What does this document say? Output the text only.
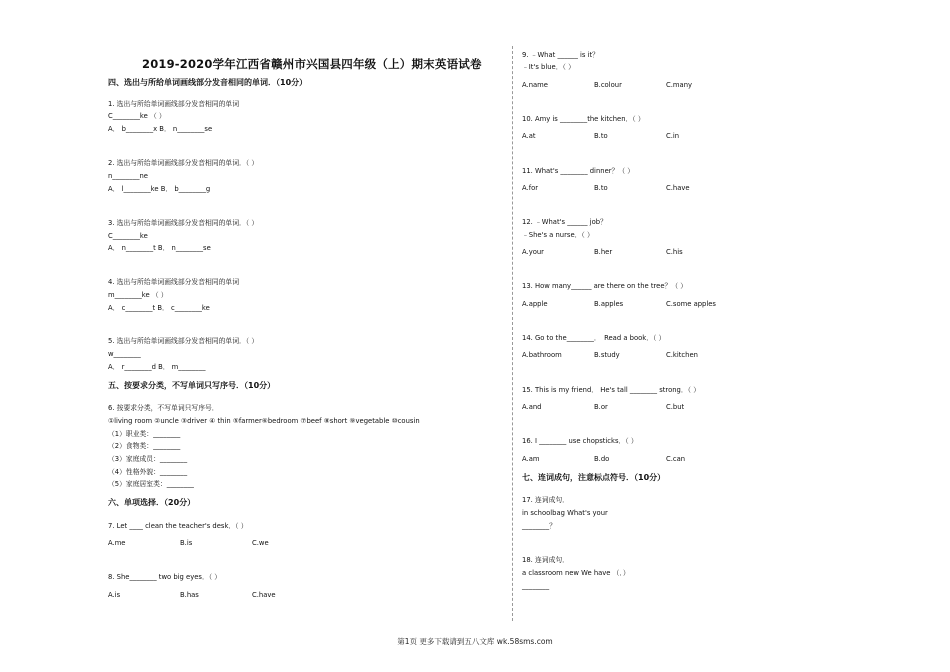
2019-2020学年江西省赣州市兴国县四年级（上）期末英语试卷
四、选出与所给单词画线部分发音相同的单词．（10分）
1. 选出与所给单词画线部分发音相同的单词
C________ke （ ）
A． b________x B． n________se
2. 选出与所给单词画线部分发音相同的单词．（ ）
n________ne
A． l________ke B． b________g
3. 选出与所给单词画线部分发音相同的单词．（ ）
C________ke
A． n________t B． n________se
4. 选出与所给单词画线部分发音相同的单词
m________ke （ ）
A． c________t B． c________ke
5. 选出与所给单词画线部分发音相同的单词．（ ）
w________
A． r________d B． m________
五、按要求分类，不写单词只写序号．（10分）
6. 按要求分类，不写单词只写序号．
①living room ②uncle ③driver ④ thin ⑤farmer⑥bedroom ⑦beef ⑧short ⑨vegetable ⑩cousin
（1）职业类：________
（2）食物类：________
（3）家庭成员：________
（4）性格外貌：________
（5）家庭居室类：________
六、单项选择．（20分）
7. Let ____ clean the teacher's desk．（ ）
A.me	B.is	C.we
8. She________ two big eyes．（ ）
A.is	B.has	C.have
9. ﹣What ______ is it？
﹣It's blue．（ ）
A.name	B.colour	C.many
10. Amy is ________the kitchen．（ ）
A.at	B.to	C.in
11. What's ________ dinner？（ ）
A.for	B.to	C.have
12. ﹣What's ______ job？
﹣She's a nurse．（ ）
A.your	B.her	C.his
13. How many______ are there on the tree？（ ）
A.apple	B.apples	C.some apples
14. Go to the________．　Read a book．（ ）
A.bathroom	B.study	C.kitchen
15. This is my friend． He's tall ________ strong．（ ）
A.and	B.or	C.but
16. I ________ use chopsticks．（ ）
A.am	B.do	C.can
七、连词成句，注意标点符号．（10分）
17. 连词成句．
in schoolbag What's your
________？
18. 连词成句．
a classroom new We have （．）
________
第1页 更多下载请到五八文库 wk.58sms.com
